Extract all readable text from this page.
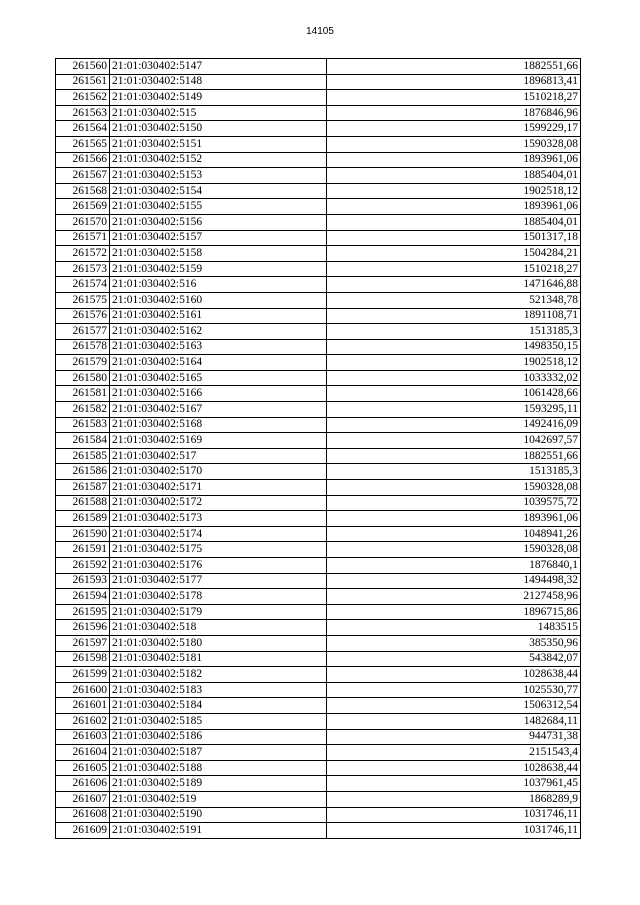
14105
261560	21:01:030402:5147	1882551,66
261561	21:01:030402:5148	1896813,41
261562	21:01:030402:5149	1510218,27
261563	21:01:030402:515	1876846,96
261564	21:01:030402:5150	1599229,17
261565	21:01:030402:5151	1590328,08
261566	21:01:030402:5152	1893961,06
261567	21:01:030402:5153	1885404,01
261568	21:01:030402:5154	1902518,12
261569	21:01:030402:5155	1893961,06
261570	21:01:030402:5156	1885404,01
261571	21:01:030402:5157	1501317,18
261572	21:01:030402:5158	1504284,21
261573	21:01:030402:5159	1510218,27
261574	21:01:030402:516	1471646,88
261575	21:01:030402:5160	521348,78
261576	21:01:030402:5161	1891108,71
261577	21:01:030402:5162	1513185,3
261578	21:01:030402:5163	1498350,15
261579	21:01:030402:5164	1902518,12
261580	21:01:030402:5165	1033332,02
261581	21:01:030402:5166	1061428,66
261582	21:01:030402:5167	1593295,11
261583	21:01:030402:5168	1492416,09
261584	21:01:030402:5169	1042697,57
261585	21:01:030402:517	1882551,66
261586	21:01:030402:5170	1513185,3
261587	21:01:030402:5171	1590328,08
261588	21:01:030402:5172	1039575,72
261589	21:01:030402:5173	1893961,06
261590	21:01:030402:5174	1048941,26
261591	21:01:030402:5175	1590328,08
261592	21:01:030402:5176	1876840,1
261593	21:01:030402:5177	1494498,32
261594	21:01:030402:5178	2127458,96
261595	21:01:030402:5179	1896715,86
261596	21:01:030402:518	1483515
261597	21:01:030402:5180	385350,96
261598	21:01:030402:5181	543842,07
261599	21:01:030402:5182	1028638,44
261600	21:01:030402:5183	1025530,77
261601	21:01:030402:5184	1506312,54
261602	21:01:030402:5185	1482684,11
261603	21:01:030402:5186	944731,38
261604	21:01:030402:5187	2151543,4
261605	21:01:030402:5188	1028638,44
261606	21:01:030402:5189	1037961,45
261607	21:01:030402:519	1868289,9
261608	21:01:030402:5190	1031746,11
261609	21:01:030402:5191	1031746,11
